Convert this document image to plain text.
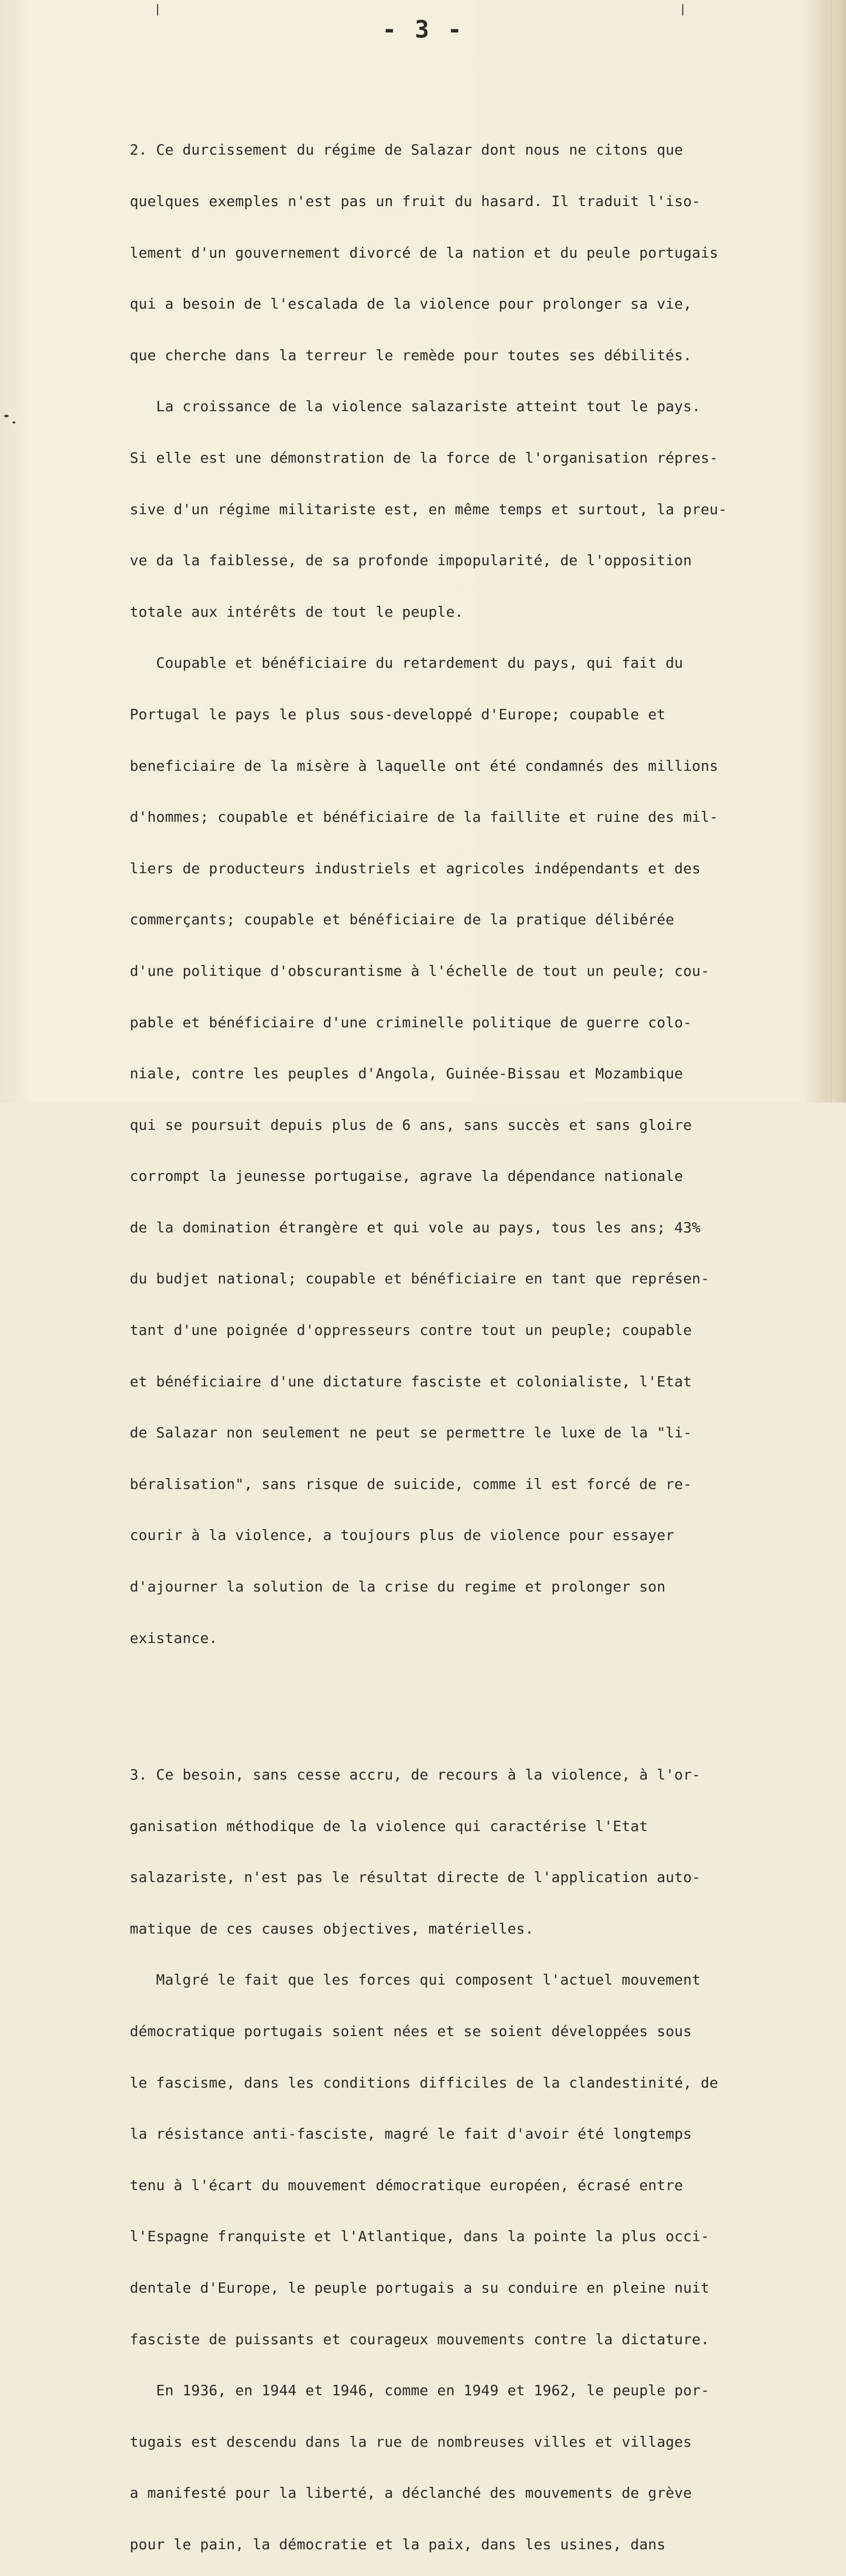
- 3 -

2. Ce durcissement du régime de Salazar dont nous ne citons que

quelques exemples n'est pas un fruit du hasard. Il traduit l'iso-

lement d'un gouvernement divorcé de la nation et du peule portugais

qui a besoin de l'escalada de la violence pour prolonger sa vie,

que cherche dans la terreur le remède pour toutes ses débilités.

La croissance de la violence salazariste atteint tout le pays.

Si elle est une démonstration de la force de l'organisation répres-

sive d'un régime militariste est, en même temps et surtout, la preu-

ve da la faiblesse, de sa profonde impopularité, de l'opposition

totale aux intérêts de tout le peuple.

Coupable et bénéficiaire du retardement du pays, qui fait du

Portugal le pays le plus sous-developpé d'Europe; coupable et

beneficiaire de la misère à laquelle ont été condamnés des millions

d'hommes; coupable et bénéficiaire de la faillite et ruine des mil-

liers de producteurs industriels et agricoles indépendants et des

commerçants; coupable et bénéficiaire de la pratique délibérée

d'une politique d'obscurantisme à l'échelle de tout un peule; cou-

pable et bénéficiaire d'une criminelle politique de guerre colo-

niale, contre les peuples d'Angola, Guinée-Bissau et Mozambique

qui se poursuit depuis plus de 6 ans, sans succès et sans gloire

corrompt la jeunesse portugaise, agrave la dépendance nationale

de la domination étrangère et qui vole au pays, tous les ans; 43%

du budjet national; coupable et bénéficiaire en tant que représen-

tant d'une poignée d'oppresseurs contre tout un peuple; coupable

et bénéficiaire d'une dictature fasciste et colonialiste, l'Etat

de Salazar non seulement ne peut se permettre le luxe de la "li-

béralisation", sans risque de suicide, comme il est forcé de re-

courir à la violence, a toujours plus de violence pour essayer

d'ajourner la solution de la crise du regime et prolonger son

existance.

3. Ce besoin, sans cesse accru, de recours à la violence, à l'or-

ganisation méthodique de la violence qui caractérise l'Etat

salazariste, n'est pas le résultat directe de l'application auto-

matique de ces causes objectives, matérielles.

Malgré le fait que les forces qui composent l'actuel mouvement

démocratique portugais soient nées et se soient développées sous

le fascisme, dans les conditions difficiles de la clandestinité, de

la résistance anti-fasciste, magré le fait d'avoir été longtemps

tenu à l'écart du mouvement démocratique européen, écrasé entre

l'Espagne franquiste et l'Atlantique, dans la pointe la plus occi-

dentale d'Europe, le peuple portugais a su conduire en pleine nuit

fasciste de puissants et courageux mouvements contre la dictature.

En 1936, en 1944 et 1946, comme en 1949 et 1962, le peuple por-

tugais est descendu dans la rue de nombreuses villes et villages

a manifesté pour la liberté, a déclanché des mouvements de grève

pour le pain, la démocratie et la paix, dans les usines, dans
